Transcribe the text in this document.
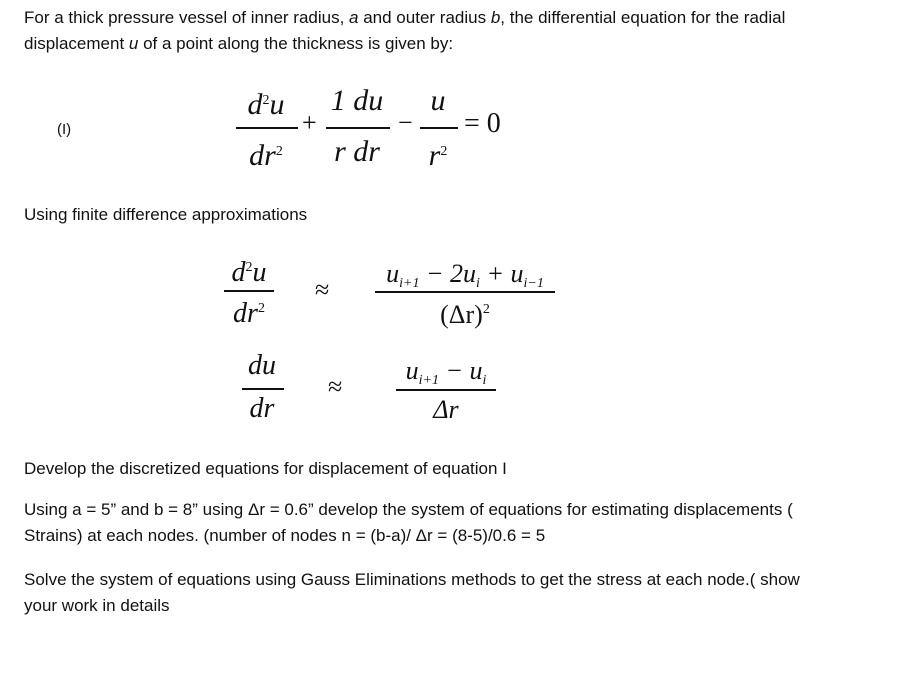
For a thick pressure vessel of inner radius, a and outer radius b, the differential equation for the radial
displacement u of a point along the thickness is given by:
(I)
$d^2u$
$dr^2$
+
1 du
r dr
−
u
$r^2$
= 0
Using finite difference approximations
$d^2u$
$dr^2$
≈
$u_{i+1} - 2u_i + u_{i-1}$
$(\Delta r)^2$
du
dr
≈
$u_{i+1} - u_i$
Δr
Develop the discretized equations for displacement of equation I
Using a = 5” and b = 8” using Δr = 0.6” develop the system of equations for estimating displacements (
Strains) at each nodes. (number of nodes n = (b-a)/ Δr = (8-5)/0.6 = 5
Solve the system of equations using Gauss Eliminations methods to get the stress at each node.( show
your work in details
